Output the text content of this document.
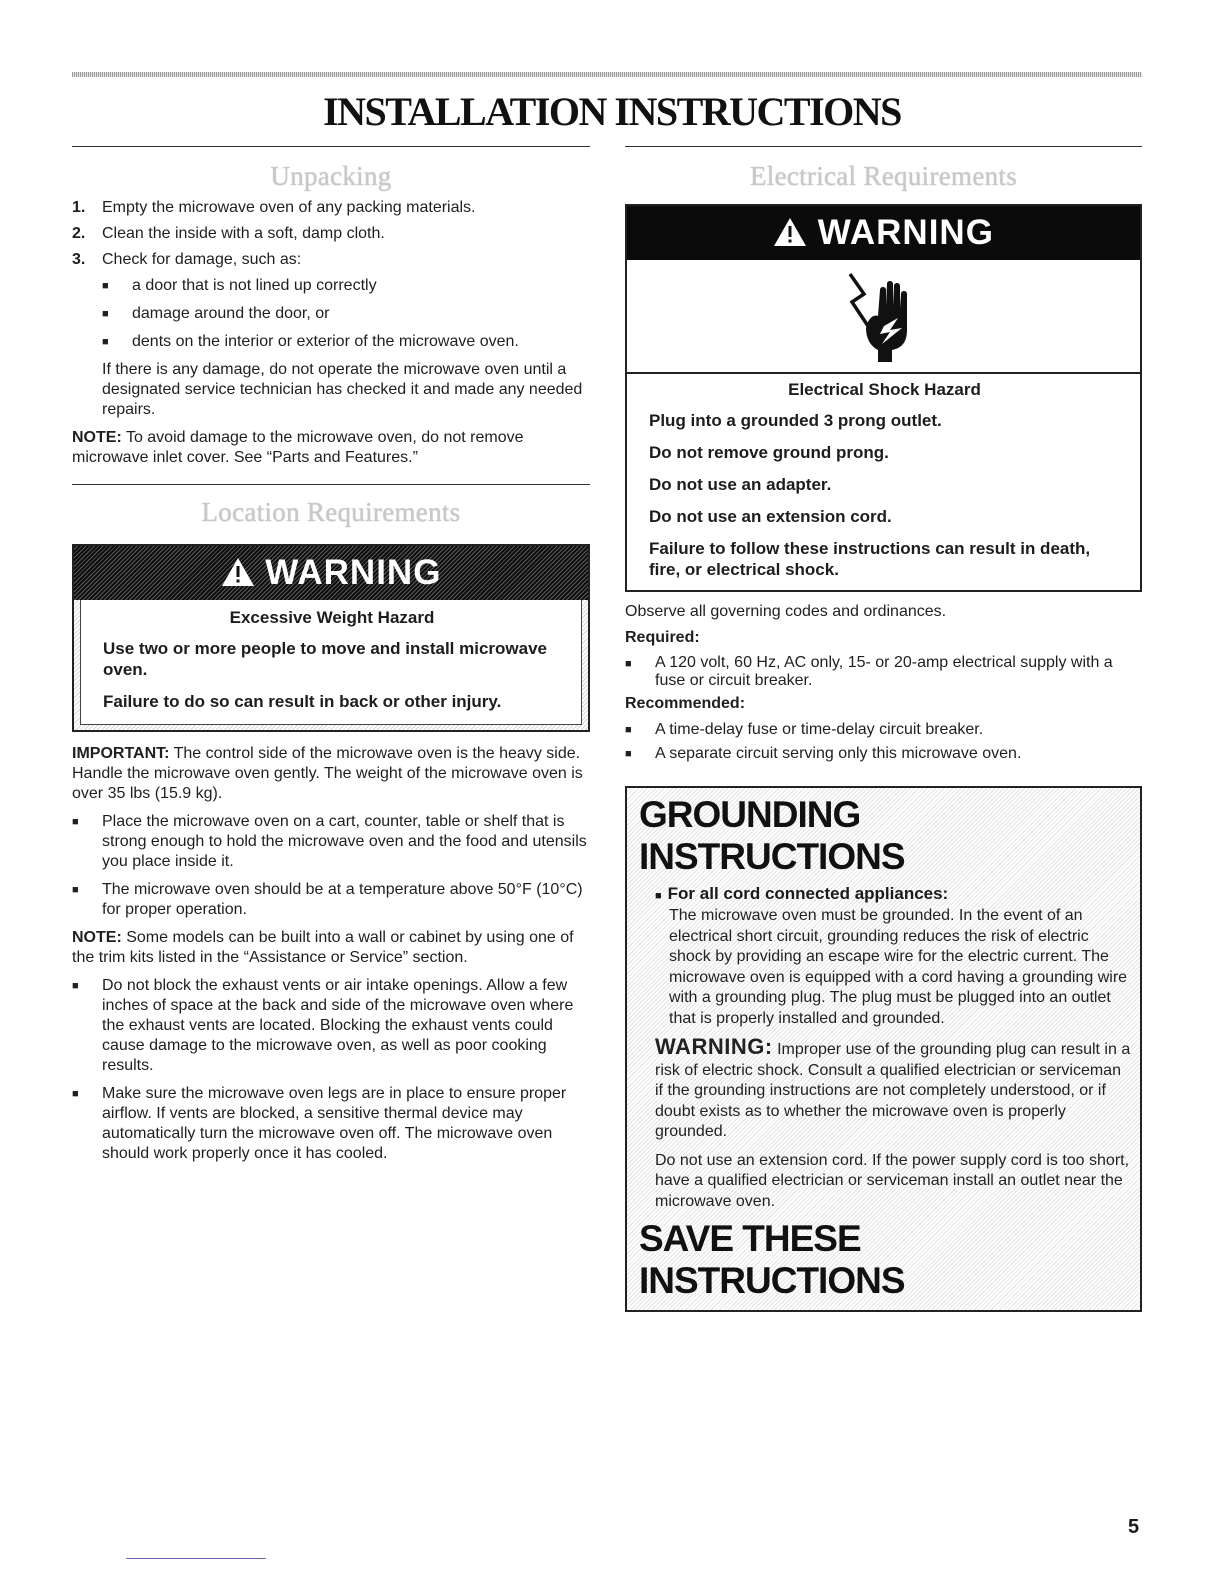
INSTALLATION INSTRUCTIONS
Unpacking
1.	Empty the microwave oven of any packing materials.
2.	Clean the inside with a soft, damp cloth.
3.	Check for damage, such as:
■	a door that is not lined up correctly
■	damage around the door, or
■	dents on the interior or exterior of the microwave oven.

If there is any damage, do not operate the microwave oven until a designated service technician has checked it and made any needed repairs.

NOTE: To avoid damage to the microwave oven, do not remove microwave inlet cover. See “Parts and Features.”

Location Requirements
WARNING
Excessive Weight Hazard
Use two or more people to move and install microwave oven.
Failure to do so can result in back or other injury.

IMPORTANT: The control side of the microwave oven is the heavy side. Handle the microwave oven gently. The weight of the microwave oven is over 35 lbs (15.9 kg).

■	Place the microwave oven on a cart, counter, table or shelf that is strong enough to hold the microwave oven and the food and utensils you place inside it.
■	The microwave oven should be at a temperature above 50°F (10°C) for proper operation.

NOTE: Some models can be built into a wall or cabinet by using one of the trim kits listed in the “Assistance or Service” section.

■	Do not block the exhaust vents or air intake openings. Allow a few inches of space at the back and side of the microwave oven where the exhaust vents are located. Blocking the exhaust vents could cause damage to the microwave oven, as well as poor cooking results.
■	Make sure the microwave oven legs are in place to ensure proper airflow. If vents are blocked, a sensitive thermal device may automatically turn the microwave oven off. The microwave oven should work properly once it has cooled.
Electrical Requirements
WARNING
Electrical Shock Hazard
Plug into a grounded 3 prong outlet.
Do not remove ground prong.
Do not use an adapter.
Do not use an extension cord.
Failure to follow these instructions can result in death, fire, or electrical shock.

Observe all governing codes and ordinances.

Required:

■	A 120 volt, 60 Hz, AC only, 15- or 20-amp electrical supply with a fuse or circuit breaker.

Recommended:

■	A time-delay fuse or time-delay circuit breaker.
■	A separate circuit serving only this microwave oven.
GROUNDING INSTRUCTIONS
■ For all cord connected appliances:

The microwave oven must be grounded. In the event of an electrical short circuit, grounding reduces the risk of electric shock by providing an escape wire for the electric current. The microwave oven is equipped with a cord having a grounding wire with a grounding plug. The plug must be plugged into an outlet that is properly installed and grounded.

WARNING: Improper use of the grounding plug can result in a risk of electric shock. Consult a qualified electrician or serviceman if the grounding instructions are not completely understood, or if doubt exists as to whether the microwave oven is properly grounded.

Do not use an extension cord. If the power supply cord is too short, have a qualified electrician or serviceman install an outlet near the microwave oven.

SAVE THESE INSTRUCTIONS
5
